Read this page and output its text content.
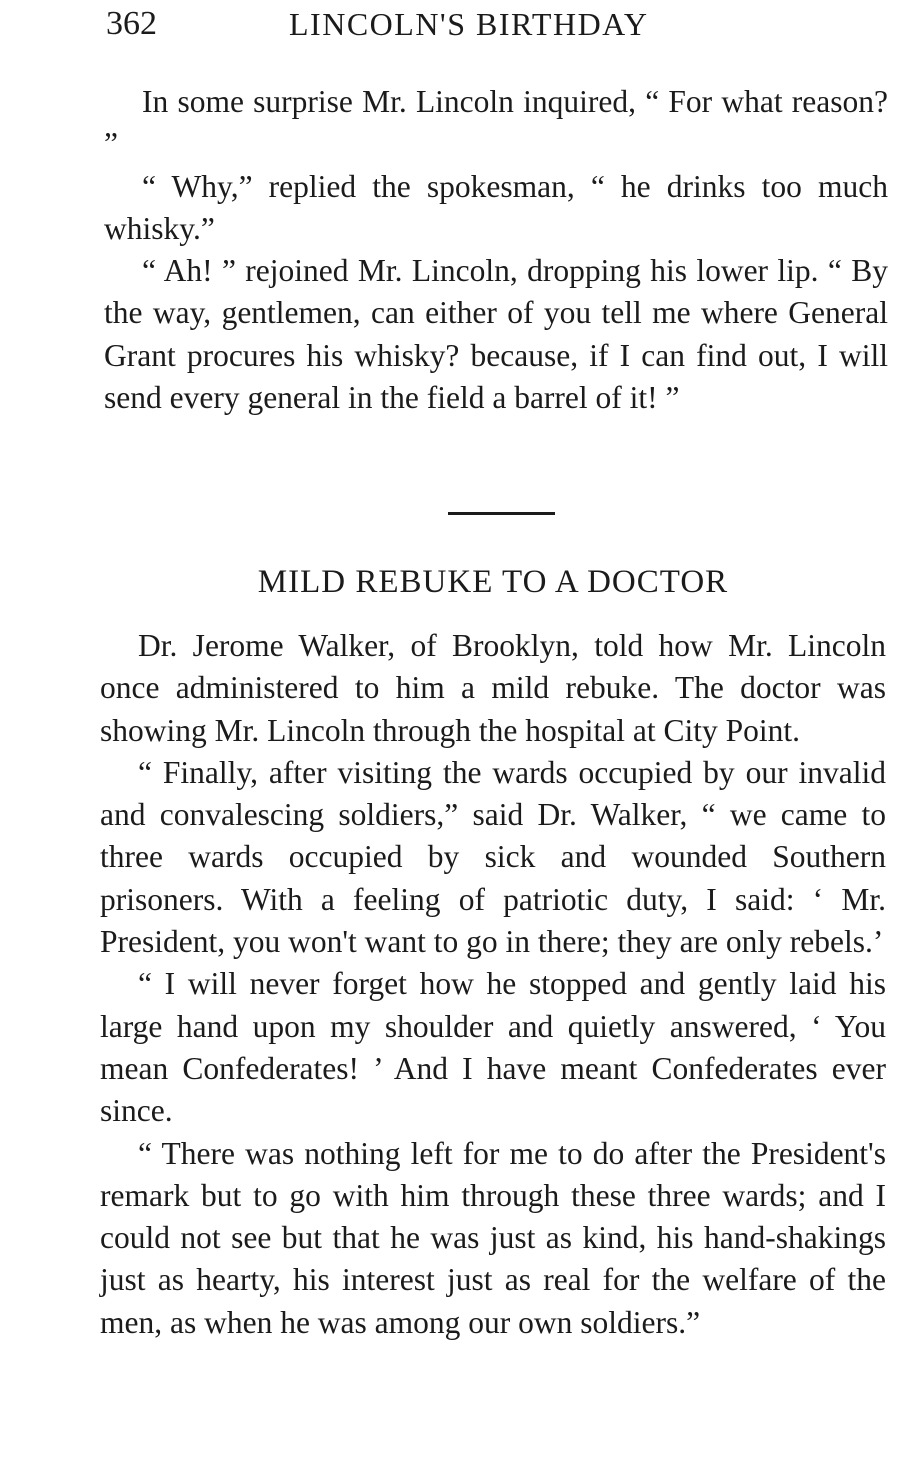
362	LINCOLN'S BIRTHDAY

In some surprise Mr. Lincoln inquired, “ For what reason? ”

“ Why,” replied the spokesman, “ he drinks too much whisky.”

“ Ah! ” rejoined Mr. Lincoln, dropping his lower lip. “ By the way, gentlemen, can either of you tell me where General Grant procures his whisky? because, if I can find out, I will send every general in the field a barrel of it! ”

MILD REBUKE TO A DOCTOR

Dr. Jerome Walker, of Brooklyn, told how Mr. Lincoln once administered to him a mild rebuke. The doctor was showing Mr. Lincoln through the hospital at City Point.

“ Finally, after visiting the wards occupied by our invalid and convalescing soldiers,” said Dr. Walker, “ we came to three wards occupied by sick and wounded Southern prisoners. With a feeling of patriotic duty, I said: ‘ Mr. President, you won't want to go in there; they are only rebels.’

“ I will never forget how he stopped and gently laid his large hand upon my shoulder and quietly answered, ‘ You mean Confederates! ’ And I have meant Confederates ever since.

“ There was nothing left for me to do after the President's remark but to go with him through these three wards; and I could not see but that he was just as kind, his hand-shakings just as hearty, his interest just as real for the welfare of the men, as when he was among our own soldiers.”
